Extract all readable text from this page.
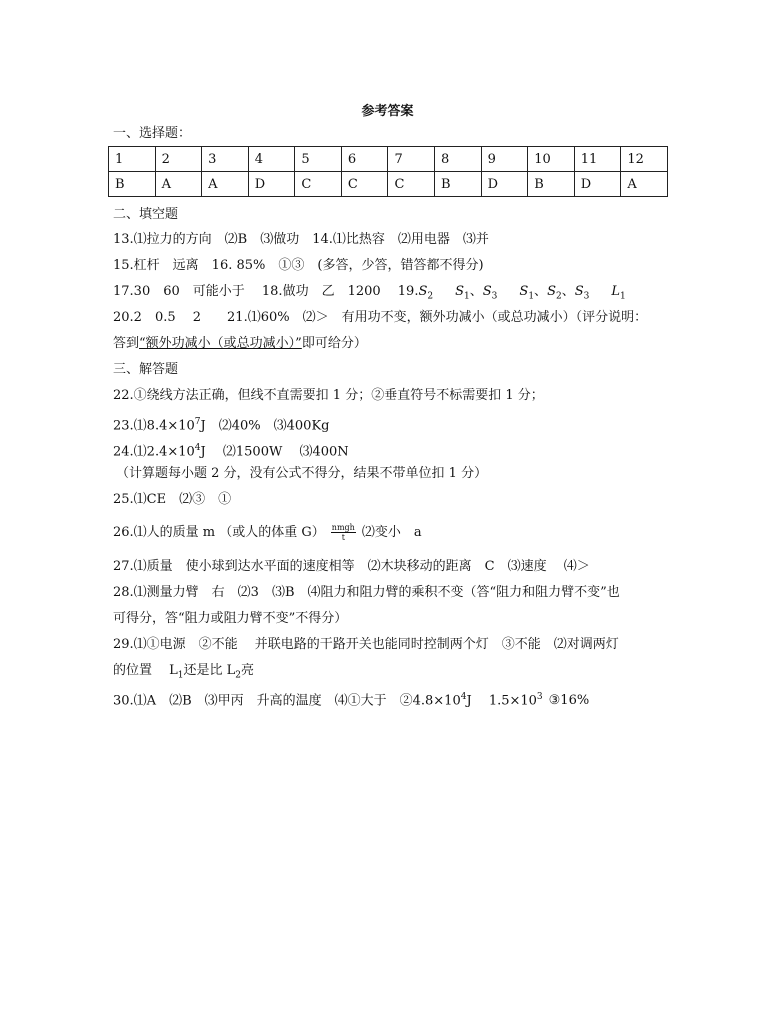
参考答案
一、选择题：
1	2	3	4	5	6	7	8	9	10	11	12
B	A	A	D	C	C	C	B	D	B	D	A
二、填空题
13.⑴拉力的方向　⑵B　⑶做功　14.⑴比热容　⑵用电器　⑶并
15.杠杆　远离　16. 85%　①③　(多答，少答，错答都不得分)
17.30　60　可能小于　 18.做功　乙　1200　 $19.S_2$ $S_1$、$S_3$ $S_1$、$S_2$、$S_3$ $L_1$
20.2　0.5　 2　　21.⑴60%　⑵＞　有用功不变，额外功减小（或总功减小）（评分说明：
答到“额外功减小（或总功减小）”即可给分）
三、解答题
22.①绕线方法正确，但线不直需要扣 1 分；②垂直符号不标需要扣 1 分；
$23.⑴8.4\times 10^7J$　⑵40%　⑶400Kg
$24.⑴2.4\times 10^4J$　 ⑵1500W　 ⑶400N
（计算题每小题 2 分，没有公式不得分，结果不带单位扣 1 分）
25.⑴CE　⑵③　①
26.⑴人的质量 m （或人的体重 $G) \frac{\text{nmgh}}{t}$ ⑵变小　a
27.⑴质量　使小球到达水平面的速度相等　⑵木块移动的距离　C　⑶速度　 ⑷＞
28.⑴测量力臂　右　⑵3　⑶B　⑷阻力和阻力臂的乘积不变（答“阻力和阻力臂不变”也
可得分，答“阻力或阻力臂不变”不得分）
29.⑴①电源　②不能　 并联电路的干路开关也能同时控制两个灯　③不能　⑵对调两灯
的位置　 $L_1$还是比 $L_2$亮
30.⑴A　⑵B　⑶甲丙　升高的温度　⑷①大于　$②4.8\times 10^4J$　 $1.5\times 10^3$ ③16%
